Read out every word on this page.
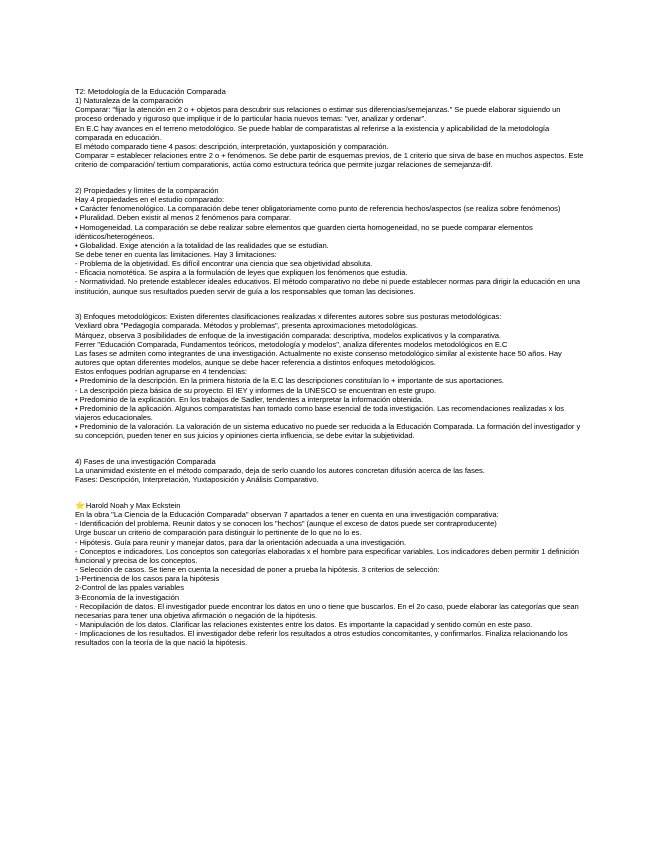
T2: Metodología de la Educación Comparada
1) Naturaleza de la comparación
Comparar: "fijar la atención en 2 o + objetos para descubrir sus relaciones o estimar sus diferencias/semejanzas." Se puede elaborar siguiendo un proceso ordenado y riguroso que implique ir de lo particular hacia nuevos temas: "ver, analizar y ordenar".
En E.C hay avances en el terreno metodológico. Se puede hablar de comparatistas al referirse a la existencia y aplicabilidad de la metodología comparada en educación.
El método comparado tiene 4 pasos: descripción, interpretación, yuxtaposición y comparación.
Comparar = establecer relaciones entre 2 o + fenómenos. Se debe partir de esquemas previos, de 1 criterio que sirva de base en muchos aspectos. Este criterio de comparación/ tertium comparationis, actúa como estructura teórica que permite juzgar relaciones de semejanza-dif.
2) Propiedades y límites de la comparación
Hay 4 propiedades en el estudio comparado:
• Carácter fenomenológico. La comparación debe tener obligatoriamente como punto de referencia hechos/aspectos (se realiza sobre fenómenos)
• Pluralidad. Deben existir al menos 2 fenómenos para comparar.
• Homogeneidad. La comparación se debe realizar sobre elementos que guarden cierta homogeneidad, no se puede comparar elementos idénticos/heterogéneos.
• Globalidad. Exige atención a la totalidad de las realidades que se estudian.
Se debe tener en cuenta las limitaciones. Hay 3 limitaciones:
- Problema de la objetividad. Es difícil encontrar una ciencia que sea objetividad absoluta.
- Eficacia nomotética. Se aspira a la formulación de leyes que expliquen los fenómenos que estudia.
- Normatividad. No pretende establecer ideales educativos. El método comparativo no debe ni puede establecer normas para dirigir la educación en una institución, aunque sus resultados pueden servir de guía a los responsables que toman las decisiones.
3) Enfoques metodológicos: Existen diferentes clasificaciones realizadas x diferentes autores sobre sus posturas metodológicas:
Vexliard obra "Pedagogía comparada. Métodos y problemas", presenta aproximaciones metodológicas.
Márquez, observa 3 posibilidades de enfoque de la investigación comparada: descriptiva, modelos explicativos y la comparativa.
Ferrer "Educación Comparada, Fundamentos teóricos, metodología y modelos", analiza diferentes modelos metodológicos en E.C
Las fases se admiten como integrantes de una investigación. Actualmente no existe consenso metodológico similar al existente hace 50 años. Hay autores que optan diferentes modelos, aunque se debe hacer referencia a distintos enfoques metodológicos.
Estos enfoques podrían agruparse en 4 tendencias:
• Predominio de la descripción. En la primera historia de la E.C las descripciones constituían lo + importante de sus aportaciones.
- La descripción pieza básica de su proyecto. El IEY y informes de la UNESCO se encuentran en este grupo.
• Predominio de la explicación. En los trabajos de Sadler, tendentes a interpretar la información obtenida.
• Predominio de la aplicación. Algunos comparatistas han tomado como base esencial de toda investigación. Las recomendaciones realizadas x los viajeros educacionales.
• Predominio de la valoración. La valoración de un sistema educativo no puede ser reducida a la Educación Comparada. La formación del investigador y su concepción, pueden tener en sus juicios y opiniones cierta influencia, se debe evitar la subjetividad.
4) Fases de una investigación Comparada
La unanimidad existente en el método comparado, deja de serlo cuando los autores concretan difusión acerca de las fases.
Fases: Descripción, Interpretación, Yuxtaposición y Análisis Comparativo.
⭐Harold Noah y Max Eckstein
En la obra "La Ciencia de la Educación Comparada" observan 7 apartados a tener en cuenta en una investigación comparativa:
- Identificación del problema. Reunir datos y se conocen los "hechos" (aunque el exceso de datos puede ser contraproducente)
Urge buscar un criterio de comparación para distinguir lo pertinente de lo que no lo es.
- Hipótesis. Guía para reunir y manejar datos, para dar la orientación adecuada a una investigación.
- Conceptos e indicadores. Los conceptos son categorías elaboradas x el hombre para especificar variables. Los indicadores deben permitir 1 definición funcional y precisa de los conceptos.
- Selección de casos. Se tiene en cuenta la necesidad de poner a prueba la hipótesis. 3 criterios de selección:
1-Pertinencia de los casos para la hipótesis
2-Control de las ppales variables
3-Economía de la investigación
- Recopilación de datos. El investigador puede encontrar los datos en uno o tiene que buscarlos. En el 2o caso, puede elaborar las categorías que sean necesarias para tener una objetiva afirmación o negación de la hipótesis.
- Manipulación de los datos. Clarificar las relaciones existentes entre los datos. Es importante la capacidad y sentido común en este paso.
- Implicaciones de los resultados. El investigador debe referir los resultados a otros estudios concomitantes, y confirmarlos. Finaliza relacionando los resultados con la teoría de la que nació la hipótesis.
